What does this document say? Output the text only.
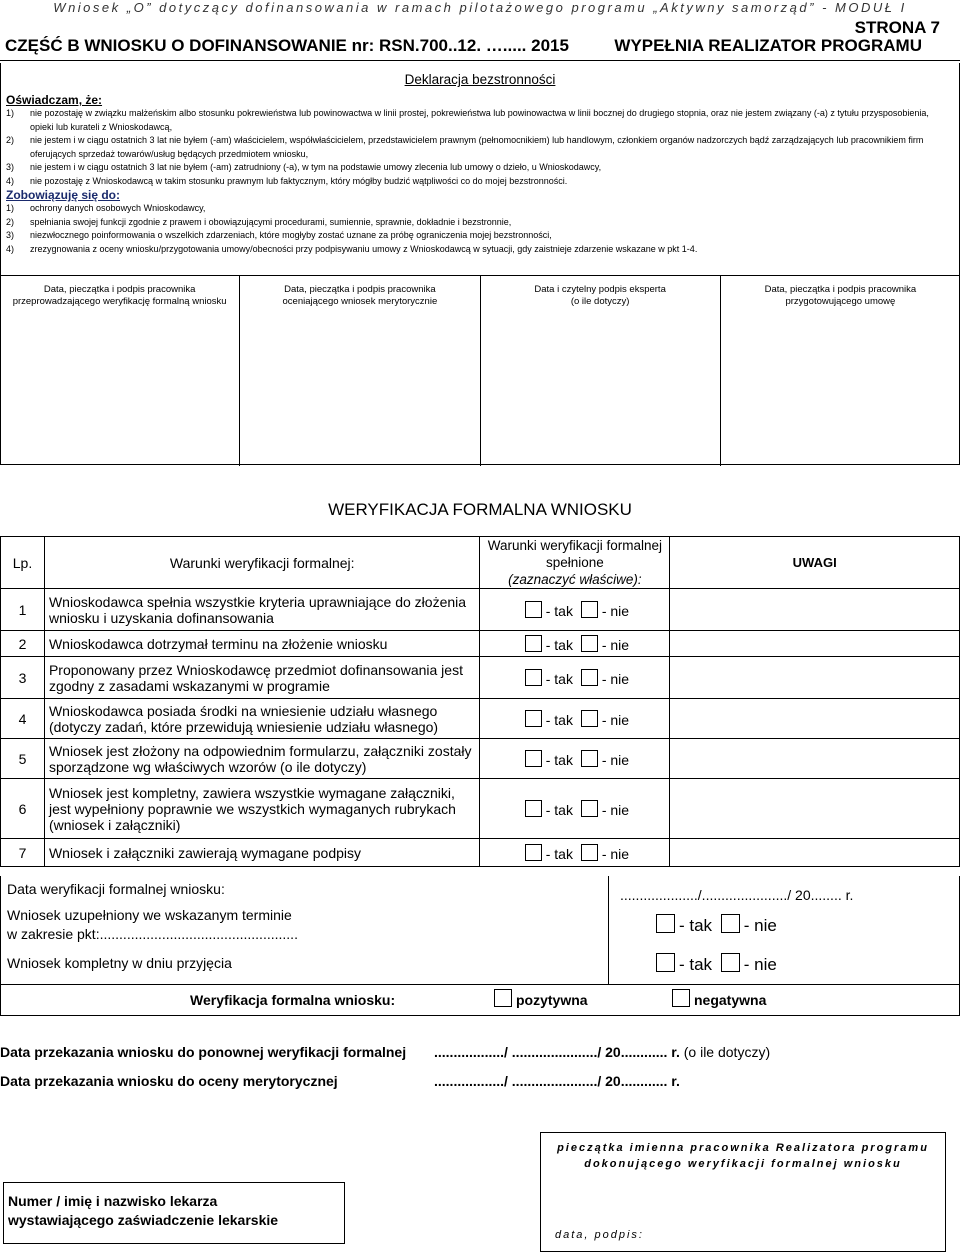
Wniosek „O” dotyczący dofinansowania w ramach pilotażowego programu „Aktywny samorząd” - MODUŁ I
STRONA 7
CZĘŚĆ B WNIOSKU O DOFINANSOWANIE nr: RSN.700..12. …..... 2015	WYPEŁNIA REALIZATOR PROGRAMU
Deklaracja bezstronności
Oświadczam, że:
1)	nie pozostaję w związku małżeńskim albo stosunku pokrewieństwa lub powinowactwa w linii prostej, pokrewieństwa lub powinowactwa w linii bocznej do drugiego stopnia, oraz nie jestem związany (-a) z tytułu przysposobienia, opieki lub kurateli z Wnioskodawcą,
2)	nie jestem i w ciągu ostatnich 3 lat nie byłem (-am) właścicielem, współwłaścicielem, przedstawicielem prawnym (pełnomocnikiem) lub handlowym, członkiem organów nadzorczych bądź zarządzających lub pracownikiem firm oferujących sprzedaż towarów/usług będących przedmiotem wniosku,
3)	nie jestem i w ciągu ostatnich 3 lat nie byłem (-am) zatrudniony (-a), w tym na podstawie umowy zlecenia lub umowy o dzieło, u Wnioskodawcy,
4)	nie pozostaję z Wnioskodawcą w takim stosunku prawnym lub faktycznym, który mógłby budzić wątpliwości co do mojej bezstronności.
Zobowiązuję się do:
1)	ochrony danych osobowych Wnioskodawcy,
2)	spełniania swojej funkcji zgodnie z prawem i obowiązującymi procedurami, sumiennie, sprawnie, dokładnie i bezstronnie,
3)	niezwłocznego poinformowania o wszelkich zdarzeniach, które mogłyby zostać uznane za próbę ograniczenia mojej bezstronności,
4)	zrezygnowania z oceny wniosku/przygotowania umowy/obecności przy podpisywaniu umowy z Wnioskodawcą w sytuacji, gdy zaistnieje zdarzenie wskazane w pkt 1-4.
Data, pieczątka i podpis pracownika
przeprowadzającego weryfikację formalną wniosku
Data, pieczątka i podpis pracownika
oceniającego wniosek merytorycznie
Data i czytelny podpis eksperta
(o ile dotyczy)
Data, pieczątka i podpis pracownika
przygotowującego umowę
WERYFIKACJA FORMALNA WNIOSKU
Lp.	Warunki weryfikacji formalnej:	Warunki weryfikacji formalnej spełnione
(zaznaczyć właściwe):	UWAGI
1	Wnioskodawca spełnia wszystkie kryteria uprawniające do złożenia wniosku i uzyskania dofinansowania	- tak - nie	
2	Wnioskodawca dotrzymał terminu na złożenie wniosku	- tak - nie	
3	Proponowany przez Wnioskodawcę przedmiot dofinansowania jest zgodny z zasadami wskazanymi w programie	- tak - nie	
4	Wnioskodawca posiada środki na wniesienie udziału własnego (dotyczy zadań, które przewidują wniesienie udziału własnego)	- tak - nie	
5	Wniosek jest złożony na odpowiednim formularzu, załączniki zostały sporządzone wg właściwych wzorów (o ile dotyczy)	- tak - nie	
6	Wniosek jest kompletny, zawiera wszystkie wymagane załączniki, jest wypełniony poprawnie we wszystkich wymaganych rubrykach (wniosek i załączniki)	- tak - nie	
7	Wniosek i załączniki zawierają wymagane podpisy	- tak - nie	
Data weryfikacji formalnej wniosku:	..................../....................../ 20........ r.
Wniosek uzupełniony we wskazanym terminie
w zakresie pkt:...................................................	- tak - nie
Wniosek kompletny w dniu przyjęcia	- tak - nie
Weryfikacja formalna wniosku:	pozytywna	negatywna
Data przekazania wniosku do ponownej weryfikacji formalnej ................../ ....................../ 20............ r. (o ile dotyczy)
Data przekazania wniosku do oceny merytorycznej	................../ ....................../ 20............ r.
Numer / imię i nazwisko lekarza
wystawiającego zaświadczenie lekarskie
pieczątka imienna pracownika Realizatora programu
dokonującego weryfikacji formalnej wniosku
data, podpis:
